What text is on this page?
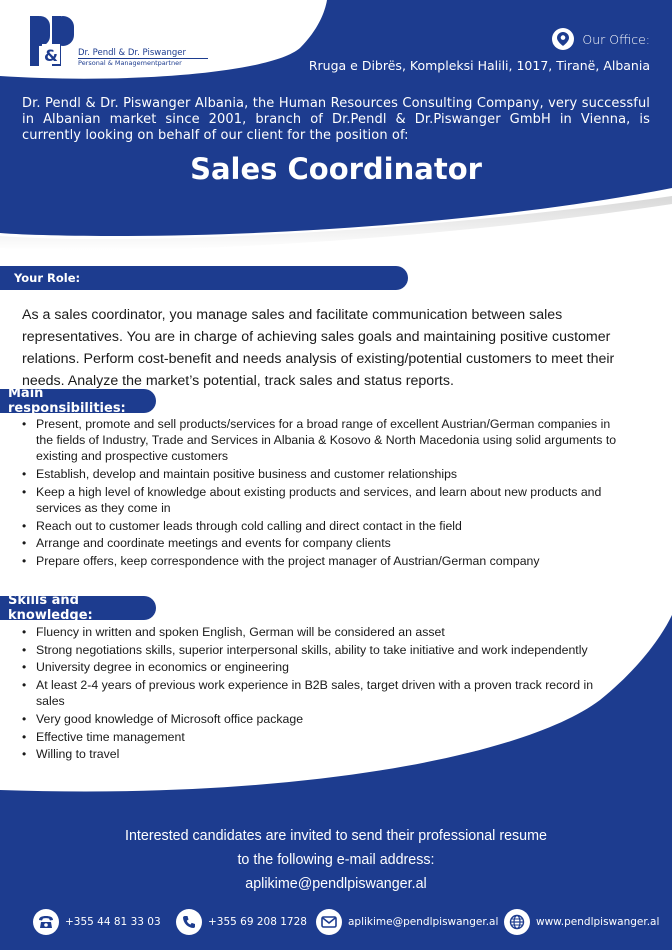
& Dr. Pendl & Dr. Piswanger
Personal & Managementpartner
Our Office:
Rruga e Dibrës, Kompleksi Halili, 1017, Tiranë, Albania

Dr. Pendl & Dr. Piswanger Albania, the Human Resources Consulting Company, very successful in Albanian market since 2001, branch of Dr.Pendl & Dr.Piswanger GmbH in Vienna, is currently looking on behalf of our client for the position of:

Sales Coordinator
Your Role:

As a sales coordinator, you manage sales and facilitate communication between sales representatives. You are in charge of achieving sales goals and maintaining positive customer relations. Perform cost-benefit and needs analysis of existing/potential customers to meet their needs. Analyze the market’s potential, track sales and status reports.

Main responsibilities:
• Present, promote and sell products/services for a broad range of excellent Austrian/German companies in the fields of Industry, Trade and Services in Albania & Kosovo & North Macedonia using solid arguments to existing and prospective customers
• Establish, develop and maintain positive business and customer relationships
• Keep a high level of knowledge about existing products and services, and learn about new products and services as they come in
• Reach out to customer leads through cold calling and direct contact in the field
• Arrange and coordinate meetings and events for company clients
• Prepare offers, keep correspondence with the project manager of Austrian/German company
Skills and knowledge:
• Fluency in written and spoken English, German will be considered an asset
• Strong negotiations skills, superior interpersonal skills, ability to take initiative and work independently
• University degree in economics or engineering
• At least 2-4 years of previous work experience in B2B sales, target driven with a proven track record in sales
• Very good knowledge of Microsoft office package
• Effective time management
• Willing to travel
Interested candidates are invited to send their professional resume
to the following e-mail address:
aplikime@pendlpiswanger.al
+355 44 81 33 03	+355 69 208 1728	aplikime@pendlpiswanger.al	www.pendlpiswanger.al
